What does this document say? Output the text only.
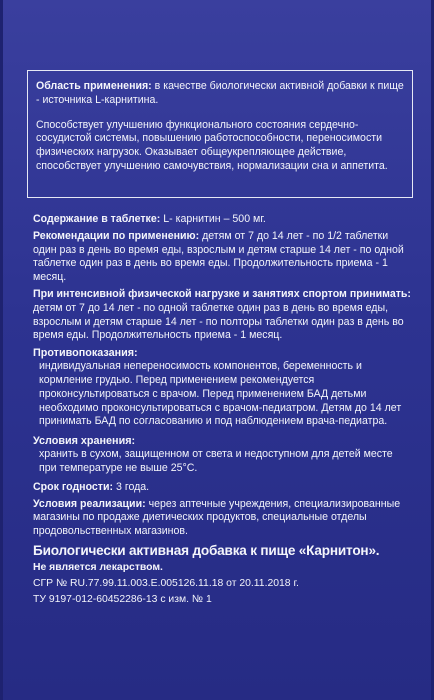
Область применения: в качестве биологически активной добавки к пище - источника L-карнитина.

Способствует улучшению функционального состояния сердечно-сосудистой системы, повышению работоспособности, переносимости физических нагрузок. Оказывает общеукрепляющее действие, способствует улучшению самочувствия, нормализации сна и аппетита.

Содержание в таблетке: L- карнитин – 500 мг.

Рекомендации по применению: детям от 7 до 14 лет - по 1/2 таблетки один раз в день во время еды, взрослым и детям старше 14 лет - по одной таблетке один раз в день во время еды. Продолжительность приема - 1 месяц.

При интенсивной физической нагрузке и занятиях спортом принимать: детям от 7 до 14 лет - по одной таблетке один раз в день во время еды, взрослым и детям старше 14 лет - по полторы таблетки один раз в день во время еды. Продолжительность приема - 1 месяц.

Противопоказания:

индивидуальная непереносимость компонентов, беременность и кормление грудью. Перед применением рекомендуется проконсультироваться с врачом. Перед применением БАД детьми необходимо проконсультироваться с врачом-педиатром. Детям до 14 лет принимать БАД по согласованию и под наблюдением врача-педиатра.

Условия хранения:

хранить в сухом, защищенном от света и недоступном для детей месте при температуре не выше 25°С.

Срок годности: 3 года.

Условия реализации: через аптечные учреждения, специализированные магазины по продаже диетических продуктов, специальные отделы продовольственных магазинов.

Биологически активная добавка к пище «Карнитон».
Не является лекарством.
СГР № RU.77.99.11.003.Е.005126.11.18 от 20.11.2018 г.
ТУ 9197-012-60452286-13 с изм. № 1
